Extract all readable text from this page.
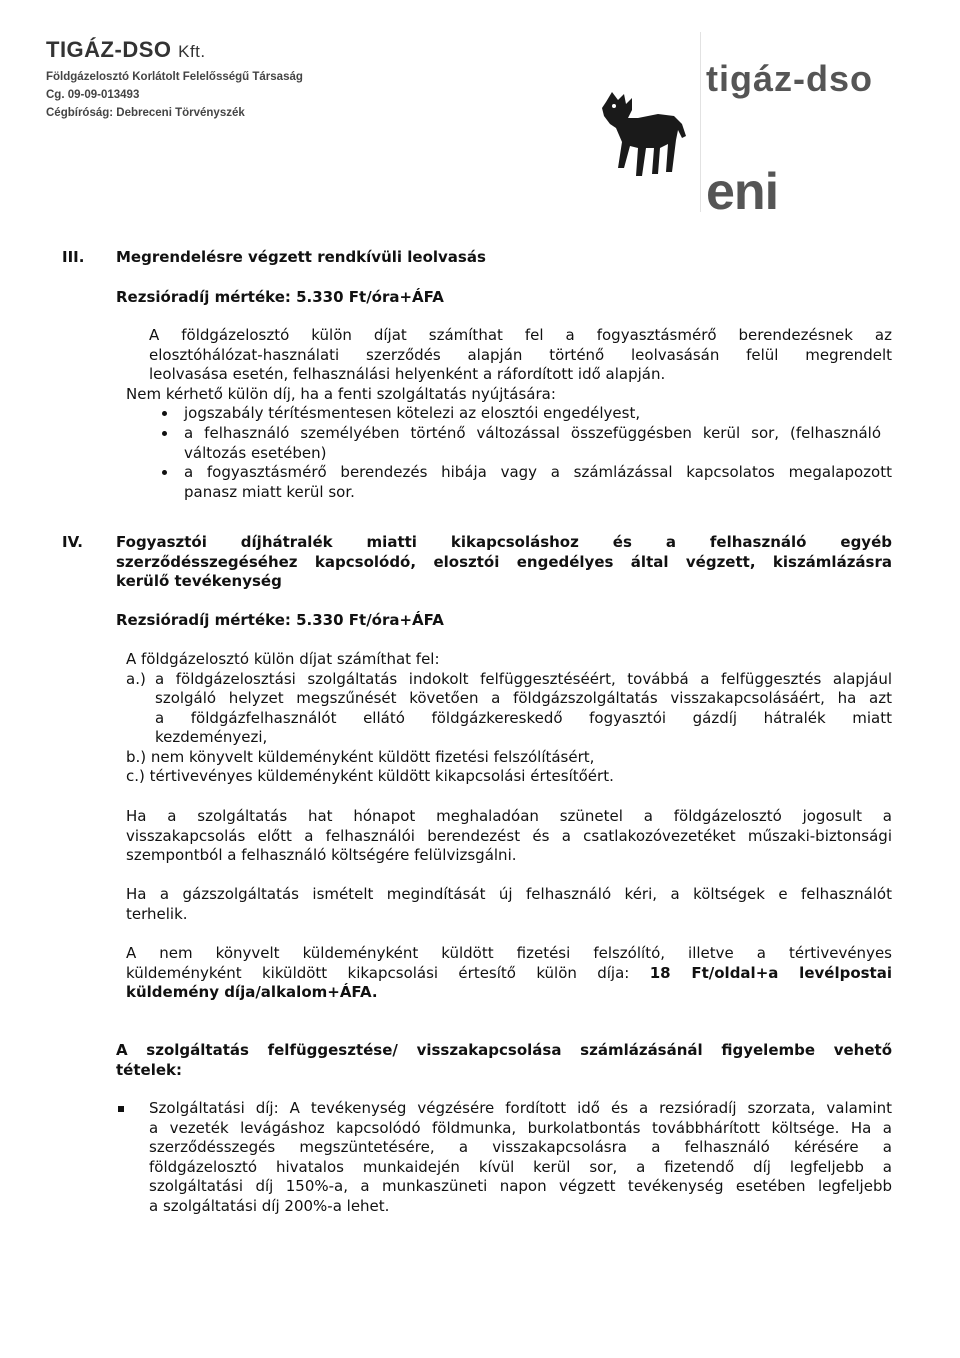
TIGÁZ-DSO Kft.
Földgázelosztó Korlátolt Felelősségű Társaság
Cg. 09-09-013493
Cégbíróság: Debreceni Törvényszék
tigáz-dso
eni
III. Megrendelésre végzett rendkívüli leolvasás
Rezsióradíj mértéke: 5.330 Ft/óra+ÁFA
A földgázelosztó külön díjat számíthat fel a fogyasztásmérő berendezésnek az
elosztóhálózat-használati szerződés alapján történő leolvasásán felül megrendelt
leolvasása esetén, felhasználási helyenként a ráfordított idő alapján.
Nem kérhető külön díj, ha a fenti szolgáltatás nyújtására:
jogszabály térítésmentesen kötelezi az elosztói engedélyest,
a felhasználó személyében történő változással összefüggésben kerül sor, (felhasználó
változás esetében)
a fogyasztásmérő berendezés hibája vagy a számlázással kapcsolatos megalapozott
panasz miatt kerül sor.
IV. Fogyasztói díjhátralék miatti kikapcsoláshoz és a felhasználó egyéb
szerződésszegéséhez kapcsolódó, elosztói engedélyes által végzett, kiszámlázásra
kerülő tevékenység
Rezsióradíj mértéke: 5.330 Ft/óra+ÁFA
A földgázelosztó külön díjat számíthat fel:
a.) a földgázelosztási szolgáltatás indokolt felfüggesztéséért, továbbá a felfüggesztés alapjául
szolgáló helyzet megszűnését követően a földgázszolgáltatás visszakapcsolásáért, ha azt
a földgázfelhasználót ellátó földgázkereskedő fogyasztói gázdíj hátralék miatt
kezdeményezi,
b.) nem könyvelt küldeményként küldött fizetési felszólításért,
c.) tértivevényes küldeményként küldött kikapcsolási értesítőért.
Ha a szolgáltatás hat hónapot meghaladóan szünetel a földgázelosztó jogosult a
visszakapcsolás előtt a felhasználói berendezést és a csatlakozóvezetéket műszaki-biztonsági
szempontból a felhasználó költségére felülvizsgálni.
Ha a gázszolgáltatás ismételt megindítását új felhasználó kéri, a költségek e felhasználót
terhelik.
A nem könyvelt küldeményként küldött fizetési felszólító, illetve a tértivevényes
küldeményként kiküldött kikapcsolási értesítő külön díja: 18 Ft/oldal+a levélpostai
küldemény díja/alkalom+ÁFA.
A szolgáltatás felfüggesztése/ visszakapcsolása számlázásánál figyelembe vehető
tételek:
Szolgáltatási díj: A tevékenység végzésére fordított idő és a rezsióradíj szorzata, valamint
a vezeték levágáshoz kapcsolódó földmunka, burkolatbontás továbbhárított költsége. Ha a
szerződésszegés megszüntetésére, a visszakapcsolásra a felhasználó kérésére a
földgázelosztó hivatalos munkaidején kívül kerül sor, a fizetendő díj legfeljebb a
szolgáltatási díj 150%-a, a munkaszüneti napon végzett tevékenység esetében legfeljebb
a szolgáltatási díj 200%-a lehet.
